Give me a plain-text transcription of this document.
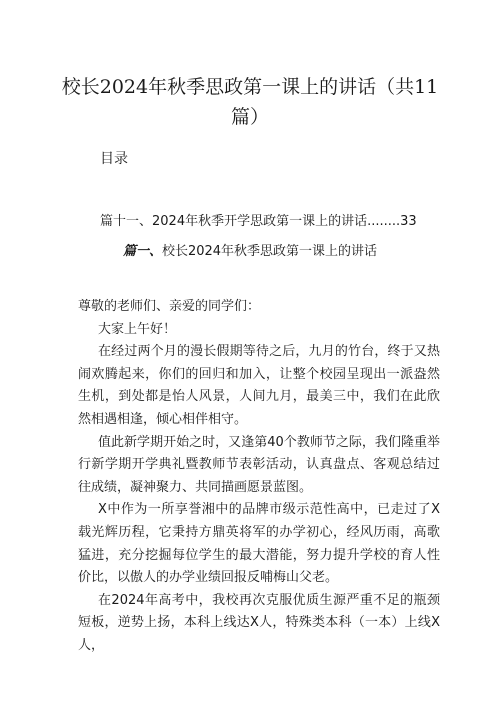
校长2024年秋季思政第一课上的讲话（共11篇）

目录

篇十一、2024年秋季开学思政第一课上的讲话........33

篇一、校长2024年秋季思政第一课上的讲话

尊敬的老师们、亲爱的同学们：

大家上午好！

在经过两个月的漫长假期等待之后，九月的竹台，终于又热闹欢腾起来，你们的回归和加入，让整个校园呈现出一派盎然生机，到处都是怡人风景，人间九月，最美三中，我们在此欣然相遇相逢，倾心相伴相守。

值此新学期开始之时，又逢第40个教师节之际，我们隆重举行新学期开学典礼暨教师节表彰活动，认真盘点、客观总结过往成绩，凝神聚力、共同描画愿景蓝图。

X中作为一所享誉湘中的品牌市级示范性高中，已走过了X载光辉历程，它秉持方鼎英将军的办学初心，经风历雨，高歌猛进，充分挖掘每位学生的最大潜能，努力提升学校的育人性价比，以傲人的办学业绩回报反哺梅山父老。

在2024年高考中，我校再次克服优质生源严重不足的瓶颈短板，逆势上扬，本科上线达X人，特殊类本科（一本）上线X人，
